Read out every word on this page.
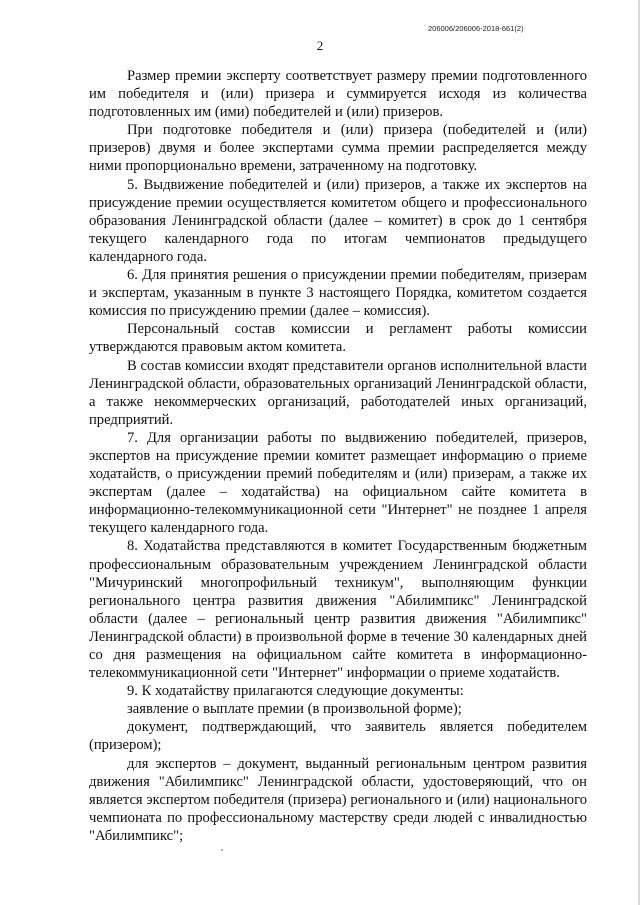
206006/206006-2018-661(2)
2

Размер премии эксперту соответствует размеру премии подготовленного им победителя и (или) призера и суммируется исходя из количества подготовленных им (ими) победителей и (или) призеров.

При подготовке победителя и (или) призера (победителей и (или) призеров) двумя и более экспертами сумма премии распределяется между ними пропорционально времени, затраченному на подготовку.

5. Выдвижение победителей и (или) призеров, а также их экспертов на присуждение премии осуществляется комитетом общего и профессионального образования Ленинградской области (далее – комитет) в срок до 1 сентября текущего календарного года по итогам чемпионатов предыдущего календарного года.

6. Для принятия решения о присуждении премии победителям, призерам и экспертам, указанным в пункте 3 настоящего Порядка, комитетом создается комиссия по присуждению премии (далее – комиссия).

Персональный состав комиссии и регламент работы комиссии утверждаются правовым актом комитета.

В состав комиссии входят представители органов исполнительной власти Ленинградской области, образовательных организаций Ленинградской области, а также некоммерческих организаций, работодателей иных организаций, предприятий.

7. Для организации работы по выдвижению победителей, призеров, экспертов на присуждение премии комитет размещает информацию о приеме ходатайств, о присуждении премий победителям и (или) призерам, а также их экспертам (далее – ходатайства) на официальном сайте комитета в информационно-телекоммуникационной сети "Интернет" не позднее 1 апреля текущего календарного года.

8. Ходатайства представляются в комитет Государственным бюджетным профессиональным образовательным учреждением Ленинградской области "Мичуринский многопрофильный техникум", выполняющим функции регионального центра развития движения "Абилимпикс" Ленинградской области (далее – региональный центр развития движения "Абилимпикс" Ленинградской области) в произвольной форме в течение 30 календарных дней со дня размещения на официальном сайте комитета в информационно-телекоммуникационной сети "Интернет" информации о приеме ходатайств.

9. К ходатайству прилагаются следующие документы:

заявление о выплате премии (в произвольной форме);

документ, подтверждающий, что заявитель является победителем (призером);

для экспертов – документ, выданный региональным центром развития движения "Абилимпикс" Ленинградской области, удостоверяющий, что он является экспертом победителя (призера) регионального и (или) национального чемпионата по профессиональному мастерству среди людей с инвалидностью "Абилимпикс";
